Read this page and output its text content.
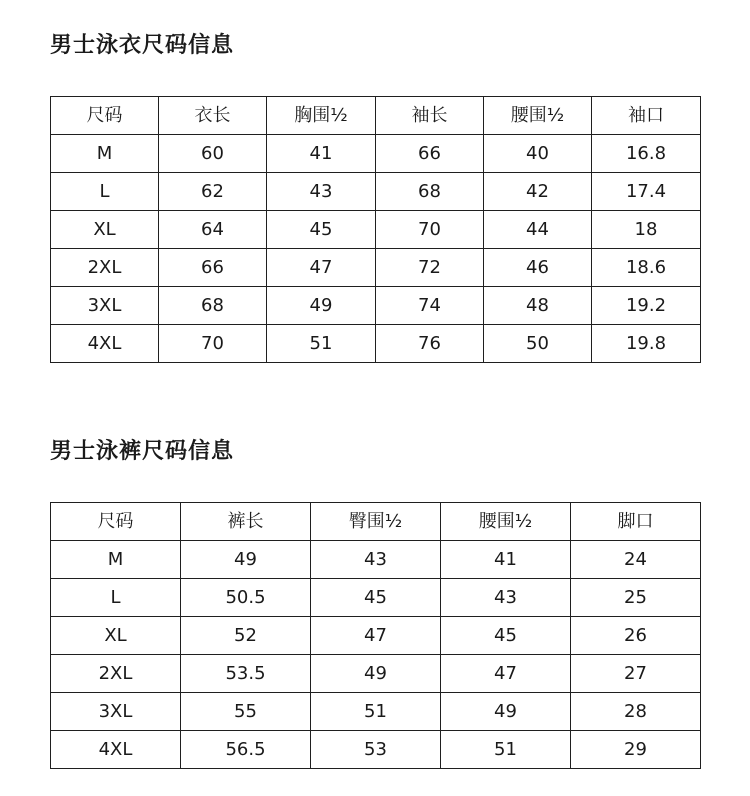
男士泳衣尺码信息
尺码	衣长	胸围½	袖长	腰围½	袖口
M	60	41	66	40	16.8
L	62	43	68	42	17.4
XL	64	45	70	44	18
2XL	66	47	72	46	18.6
3XL	68	49	74	48	19.2
4XL	70	51	76	50	19.8
男士泳裤尺码信息
尺码	裤长	臀围½	腰围½	脚口
M	49	43	41	24
L	50.5	45	43	25
XL	52	47	45	26
2XL	53.5	49	47	27
3XL	55	51	49	28
4XL	56.5	53	51	29
